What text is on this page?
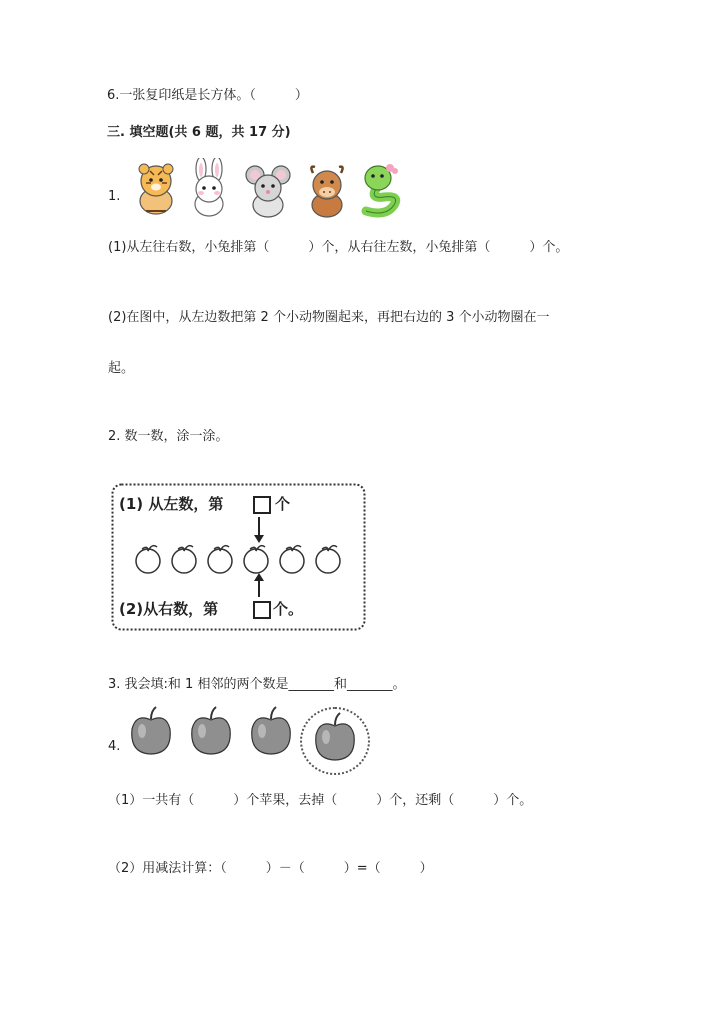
6.一张复印纸是长方体。（　　　）
三. 填空题(共 6 题，共 17 分)
1.
(1)从左往右数，小兔排第（　　　）个，从右往左数，小兔排第（　　　）个。
(2)在图中，从左边数把第 2 个小动物圈起来，再把右边的 3 个小动物圈在一
起。
2. 数一数，涂一涂。
(1) 从左数，第	个
(2)从右数，第	个。
3. 我会填:和 1 相邻的两个数是_______和_______。
4.
（1）一共有（　　　）个苹果，去掉（　　　）个，还剩（　　　）个。
（2）用减法计算：（　　　）－（　　　）=（　　　）
